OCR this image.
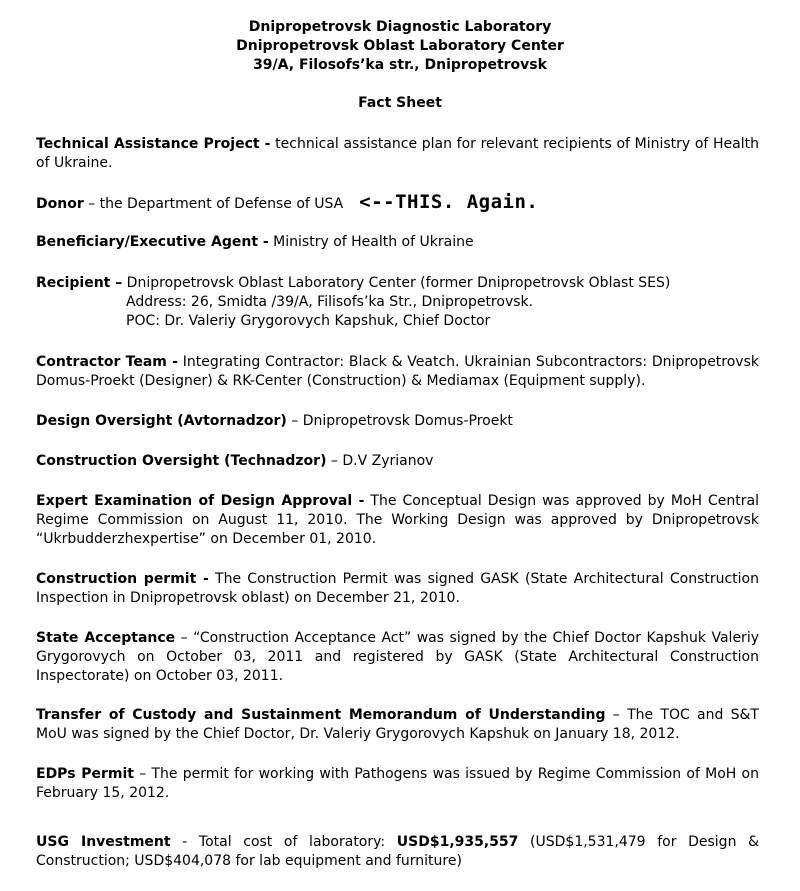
Dnipropetrovsk Diagnostic Laboratory
Dnipropetrovsk Oblast Laboratory Center
39/A, Filosofs’ka str., Dnipropetrovsk
Fact Sheet
Technical Assistance Project - technical assistance plan for relevant recipients of Ministry of Health of Ukraine.
Donor – the Department of Defense of USA <--THIS. Again.
Beneficiary/Executive Agent - Ministry of Health of Ukraine
Recipient – Dnipropetrovsk Oblast Laboratory Center (former Dnipropetrovsk Oblast SES)
Address: 26, Smidta /39/A, Filisofs’ka Str., Dnipropetrovsk.
POC: Dr. Valeriy Grygorovych Kapshuk, Chief Doctor
Contractor Team - Integrating Contractor: Black & Veatch. Ukrainian Subcontractors: Dnipropetrovsk Domus-Proekt (Designer) & RK-Center (Construction) & Mediamax (Equipment supply).
Design Oversight (Avtornadzor) – Dnipropetrovsk Domus-Proekt
Construction Oversight (Technadzor) – D.V Zyrianov
Expert Examination of Design Approval - The Conceptual Design was approved by MoH Central Regime Commission on August 11, 2010. The Working Design was approved by Dnipropetrovsk “Ukrbudderzhexpertise” on December 01, 2010.
Construction permit - The Construction Permit was signed GASK (State Architectural Construction Inspection in Dnipropetrovsk oblast) on December 21, 2010.
State Acceptance – “Construction Acceptance Act” was signed by the Chief Doctor Kapshuk Valeriy Grygorovych on October 03, 2011 and registered by GASK (State Architectural Construction Inspectorate) on October 03, 2011.
Transfer of Custody and Sustainment Memorandum of Understanding – The TOC and S&T MoU was signed by the Chief Doctor, Dr. Valeriy Grygorovych Kapshuk on January 18, 2012.
EDPs Permit – The permit for working with Pathogens was issued by Regime Commission of MoH on February 15, 2012.
USG Investment - Total cost of laboratory: USD$1,935,557 (USD$1,531,479 for Design & Construction; USD$404,078 for lab equipment and furniture)
